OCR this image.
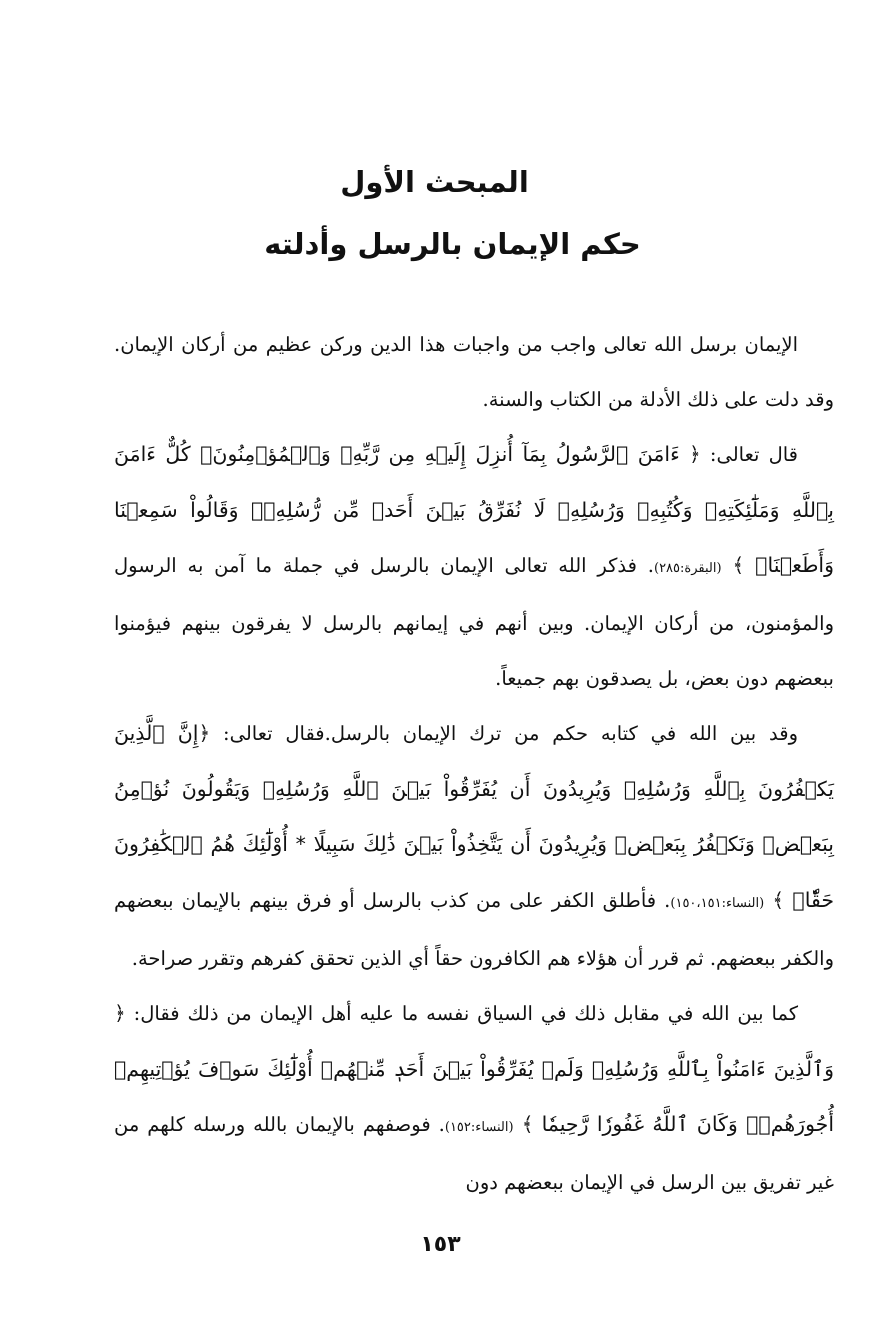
المبحث الأول
حكم الإيمان بالرسل وأدلته

الإيمان برسل الله تعالى واجب من واجبات هذا الدين وركن عظيم من أركان الإيمان. وقد دلت على ذلك الأدلة من الكتاب والسنة.

قال تعالى: ﴿ ءَامَنَ ٱلرَّسُولُ بِمَآ أُنزِلَ إِلَيۡهِ مِن رَّبِّهِۦ وَٱلۡمُؤۡمِنُونَۚ كُلٌّ ءَامَنَ بِٱللَّهِ وَمَلَٰٓئِكَتِهِۦ وَكُتُبِهِۦ وَرُسُلِهِۦ لَا نُفَرِّقُ بَيۡنَ أَحَدٖ مِّن رُّسُلِهِۦۚ وَقَالُواْ سَمِعۡنَا وَأَطَعۡنَاۖ ﴾ (البقرة:٢٨٥). فذكر الله تعالى الإيمان بالرسل في جملة ما آمن به الرسول والمؤمنون، من أركان الإيمان. وبين أنهم في إيمانهم بالرسل لا يفرقون بينهم فيؤمنوا ببعضهم دون بعض، بل يصدقون بهم جميعاً.

وقد بين الله في كتابه حكم من ترك الإيمان بالرسل.فقال تعالى: ﴿إِنَّ ٱلَّذِينَ يَكۡفُرُونَ بِٱللَّهِ وَرُسُلِهِۦ وَيُرِيدُونَ أَن يُفَرِّقُواْ بَيۡنَ ٱللَّهِ وَرُسُلِهِۦ وَيَقُولُونَ نُؤۡمِنُ بِبَعۡضٖ وَنَكۡفُرُ بِبَعۡضٖ وَيُرِيدُونَ أَن يَتَّخِذُواْ بَيۡنَ ذَٰلِكَ سَبِيلًا * أُوْلَٰٓئِكَ هُمُ ٱلۡكَٰفِرُونَ حَقّٗاۚ ﴾ (النساء:١٥٠،١٥١). فأطلق الكفر على من كذب بالرسل أو فرق بينهم بالإيمان ببعضهم والكفر ببعضهم. ثم قرر أن هؤلاء هم الكافرون حقاً أي الذين تحقق كفرهم وتقرر صراحة.

كما بين الله في مقابل ذلك في السياق نفسه ما عليه أهل الإيمان من ذلك فقال: ﴿ وَٱلَّذِينَ ءَامَنُواْ بِٱللَّهِ وَرُسُلِهِۦ وَلَمۡ يُفَرِّقُواْ بَيۡنَ أَحَدٖ مِّنۡهُمۡ أُوْلَٰٓئِكَ سَوۡفَ يُؤۡتِيهِمۡ أُجُورَهُمۡۚ وَكَانَ ٱللَّهُ غَفُورٗا رَّحِيمٗا ﴾ (النساء:١٥٢). فوصفهم بالإيمان بالله ورسله كلهم من غير تفريق بين الرسل في الإيمان ببعضهم دون

١٥٣
